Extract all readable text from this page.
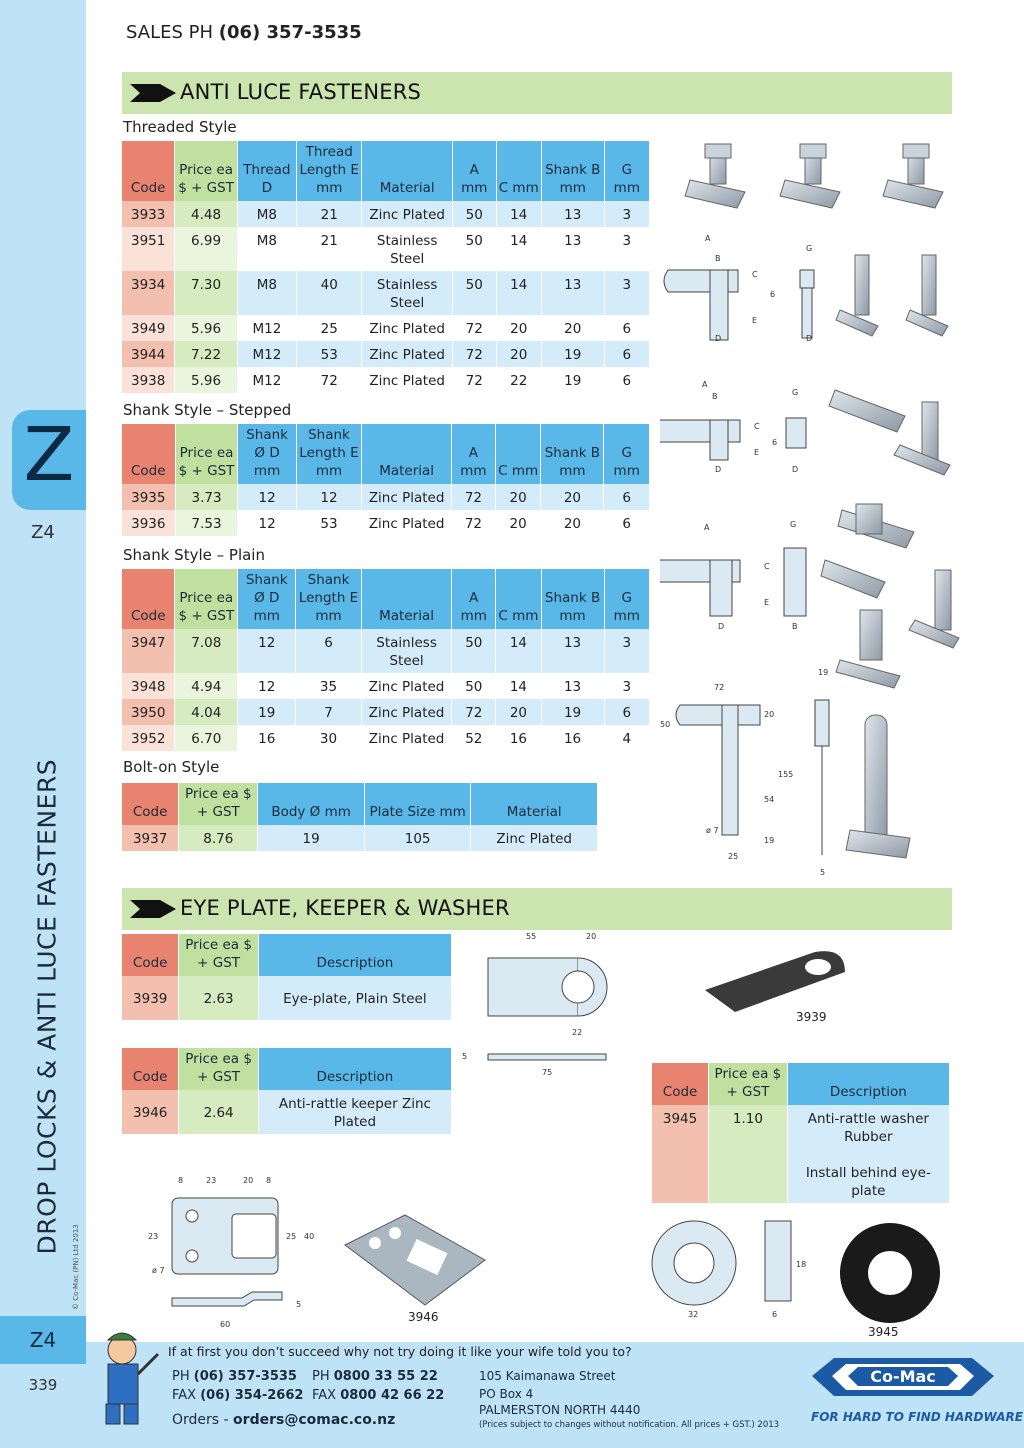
Z
Z4
DROP LOCKS & ANTI LUCE FASTENERS
© Co-Mac (PN) Ltd 2013
Z4
339
SALES PH (06) 357-3535
ANTI LUCE FASTENERS
Threaded Style
Code	Price ea $ + GST	Thread D	Thread Length E mm	Material	A mm	C mm	Shank B mm	G mm
3933	4.48	M8	21	Zinc Plated	50	14	13	3
3951	6.99	M8	21	Stainless Steel	50	14	13	3
3934	7.30	M8	40	Stainless Steel	50	14	13	3
3949	5.96	M12	25	Zinc Plated	72	20	20	6
3944	7.22	M12	53	Zinc Plated	72	20	19	6
3938	5.96	M12	72	Zinc Plated	72	22	19	6
Shank Style – Stepped
Code	Price ea $ + GST	Shank Ø D mm	Shank Length E mm	Material	A mm	C mm	Shank B mm	G mm
3935	3.73	12	12	Zinc Plated	72	20	20	6
3936	7.53	12	53	Zinc Plated	72	20	20	6
Shank Style – Plain
Code	Price ea $ + GST	Shank Ø D mm	Shank Length E mm	Material	A mm	C mm	Shank B mm	G mm
3947	7.08	12	6	Stainless Steel	50	14	13	3
3948	4.94	12	35	Zinc Plated	50	14	13	3
3950	4.04	19	7	Zinc Plated	72	20	19	6
3952	6.70	16	30	Zinc Plated	52	16	16	4
Bolt-on Style
Code	Price ea $ + GST	Body Ø mm	Plate Size mm	Material
3937	8.76	19	105	Zinc Plated
EYE PLATE, KEEPER & WASHER
Code	Price ea $ + GST	Description
3939	2.63	Eye-plate, Plain Steel
Code	Price ea $ + GST	Description
3946	2.64	Anti-rattle keeper Zinc Plated
Code	Price ea $ + GST	Description
3945	1.10	Anti-rattle washer Rubber

Install behind eye-plate
A
B
C
6
E
D
G
D
A
B
C
E
6
D
G
D
A
C
E
D
G
B
72
50
20
155
54
19
ø 7
25
19
5
55	20
22
5
75
8	23	20 8
23	25 40
ø 7
5
60
18
32	6
3939
3946
3945
If at first you don’t succeed why not try doing it like your wife told you to?
PH (06) 357-3535
FAX (06) 354-2662
PH 0800 33 55 22
FAX 0800 42 66 22
Orders - orders@comac.co.nz
105 Kaimanawa Street
PO Box 4
PALMERSTON NORTH 4440
(Prices subject to changes without notification. All prices + GST.) 2013
Co-Mac
FOR HARD TO FIND HARDWARE
